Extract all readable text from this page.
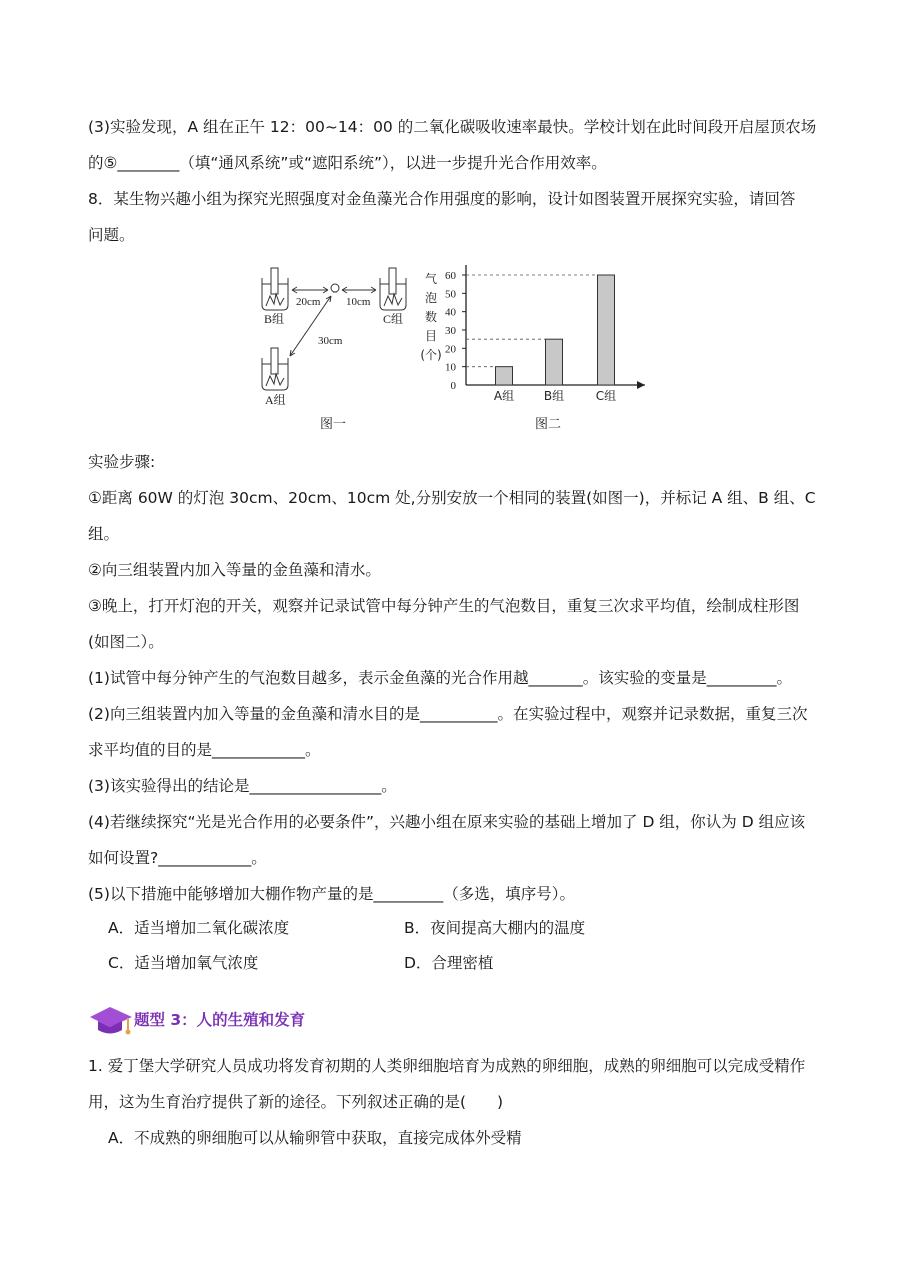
(3)实验发现，A 组在正午 12：00~14：00 的二氧化碳吸收速率最快。学校计划在此时间段开启屋顶农场
的⑤________（填“通风系统”或“遮阳系统”），以进一步提升光合作用效率。
8．某生物兴趣小组为探究光照强度对金鱼藻光合作用强度的影响，设计如图装置开展探究实验，请回答
问题。
20cm 10cm
30cm
B组	C组
A组
图一
0
10
20
30
40
50
60
气
泡
数
目
(个)
A组 B组	C组
图二
实验步骤:
①距离 60W 的灯泡 30cm、20cm、10cm 处,分别安放一个相同的装置(如图一)，并标记 A 组、B 组、C
组。
②向三组装置内加入等量的金鱼藻和清水。
③晚上，打开灯泡的开关，观察并记录试管中每分钟产生的气泡数目，重复三次求平均值，绘制成柱形图
(如图二）。
(1)试管中每分钟产生的气泡数目越多，表示金鱼藻的光合作用越_______。该实验的变量是_________。
(2)向三组装置内加入等量的金鱼藻和清水目的是__________。在实验过程中，观察并记录数据，重复三次
求平均值的目的是____________。
(3)该实验得出的结论是_________________。
(4)若继续探究“光是光合作用的必要条件”，兴趣小组在原来实验的基础上增加了 D 组，你认为 D 组应该
如何设置?____________。
(5)以下措施中能够增加大棚作物产量的是_________（多选，填序号）。
A．适当增加二氧化碳浓度	B．夜间提高大棚内的温度
C．适当增加氧气浓度	D．合理密植
题型 3：人的生殖和发育
1. 爱丁堡大学研究人员成功将发育初期的人类卵细胞培育为成熟的卵细胞，成熟的卵细胞可以完成受精作
用，这为生育治疗提供了新的途径。下列叙述正确的是(　　)
A．不成熟的卵细胞可以从输卵管中获取，直接完成体外受精
